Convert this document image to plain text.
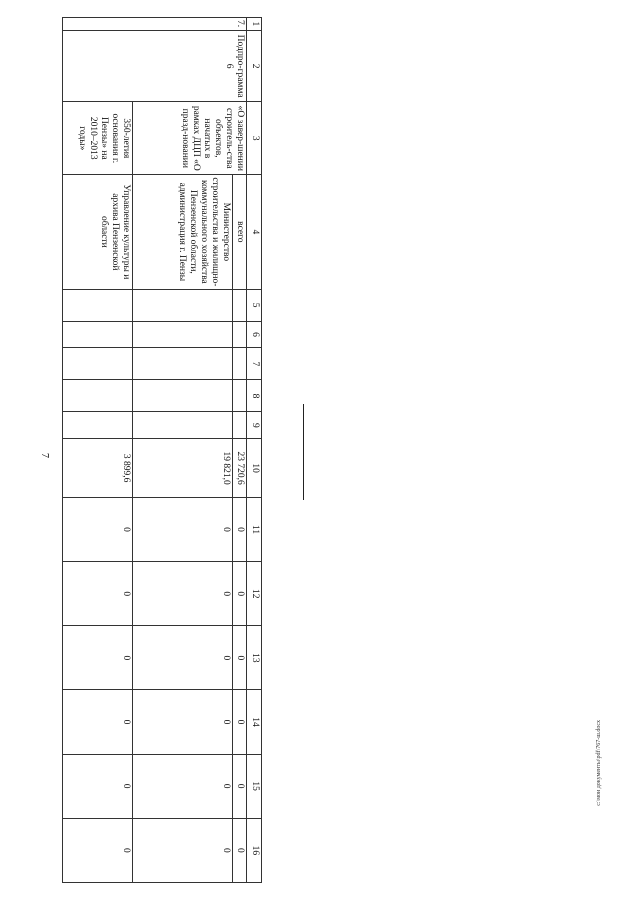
7
1	2	3	4	5	6	7	8	9	10	11	12	13	14	15	16
7.	Подпро-грамма 6	«О завер-шении строитель-ства объектов, начатых в рамках ДЦП «О празд-новании	всего						23 720,6	0	0	0	0	0	0
			Министерство строительства и жилищно-коммунального хозяйства Пензенской области, администрация г. Пензы						19 821,0	0	0	0	0	0	0
		350-летия основания г. Пензы» на 2010–2013 годы»	Управление культуры и архива Пензенской области						3 899,6	0	0	0	0	0	0
c:\мои документы\pdf\767-ш.docx
